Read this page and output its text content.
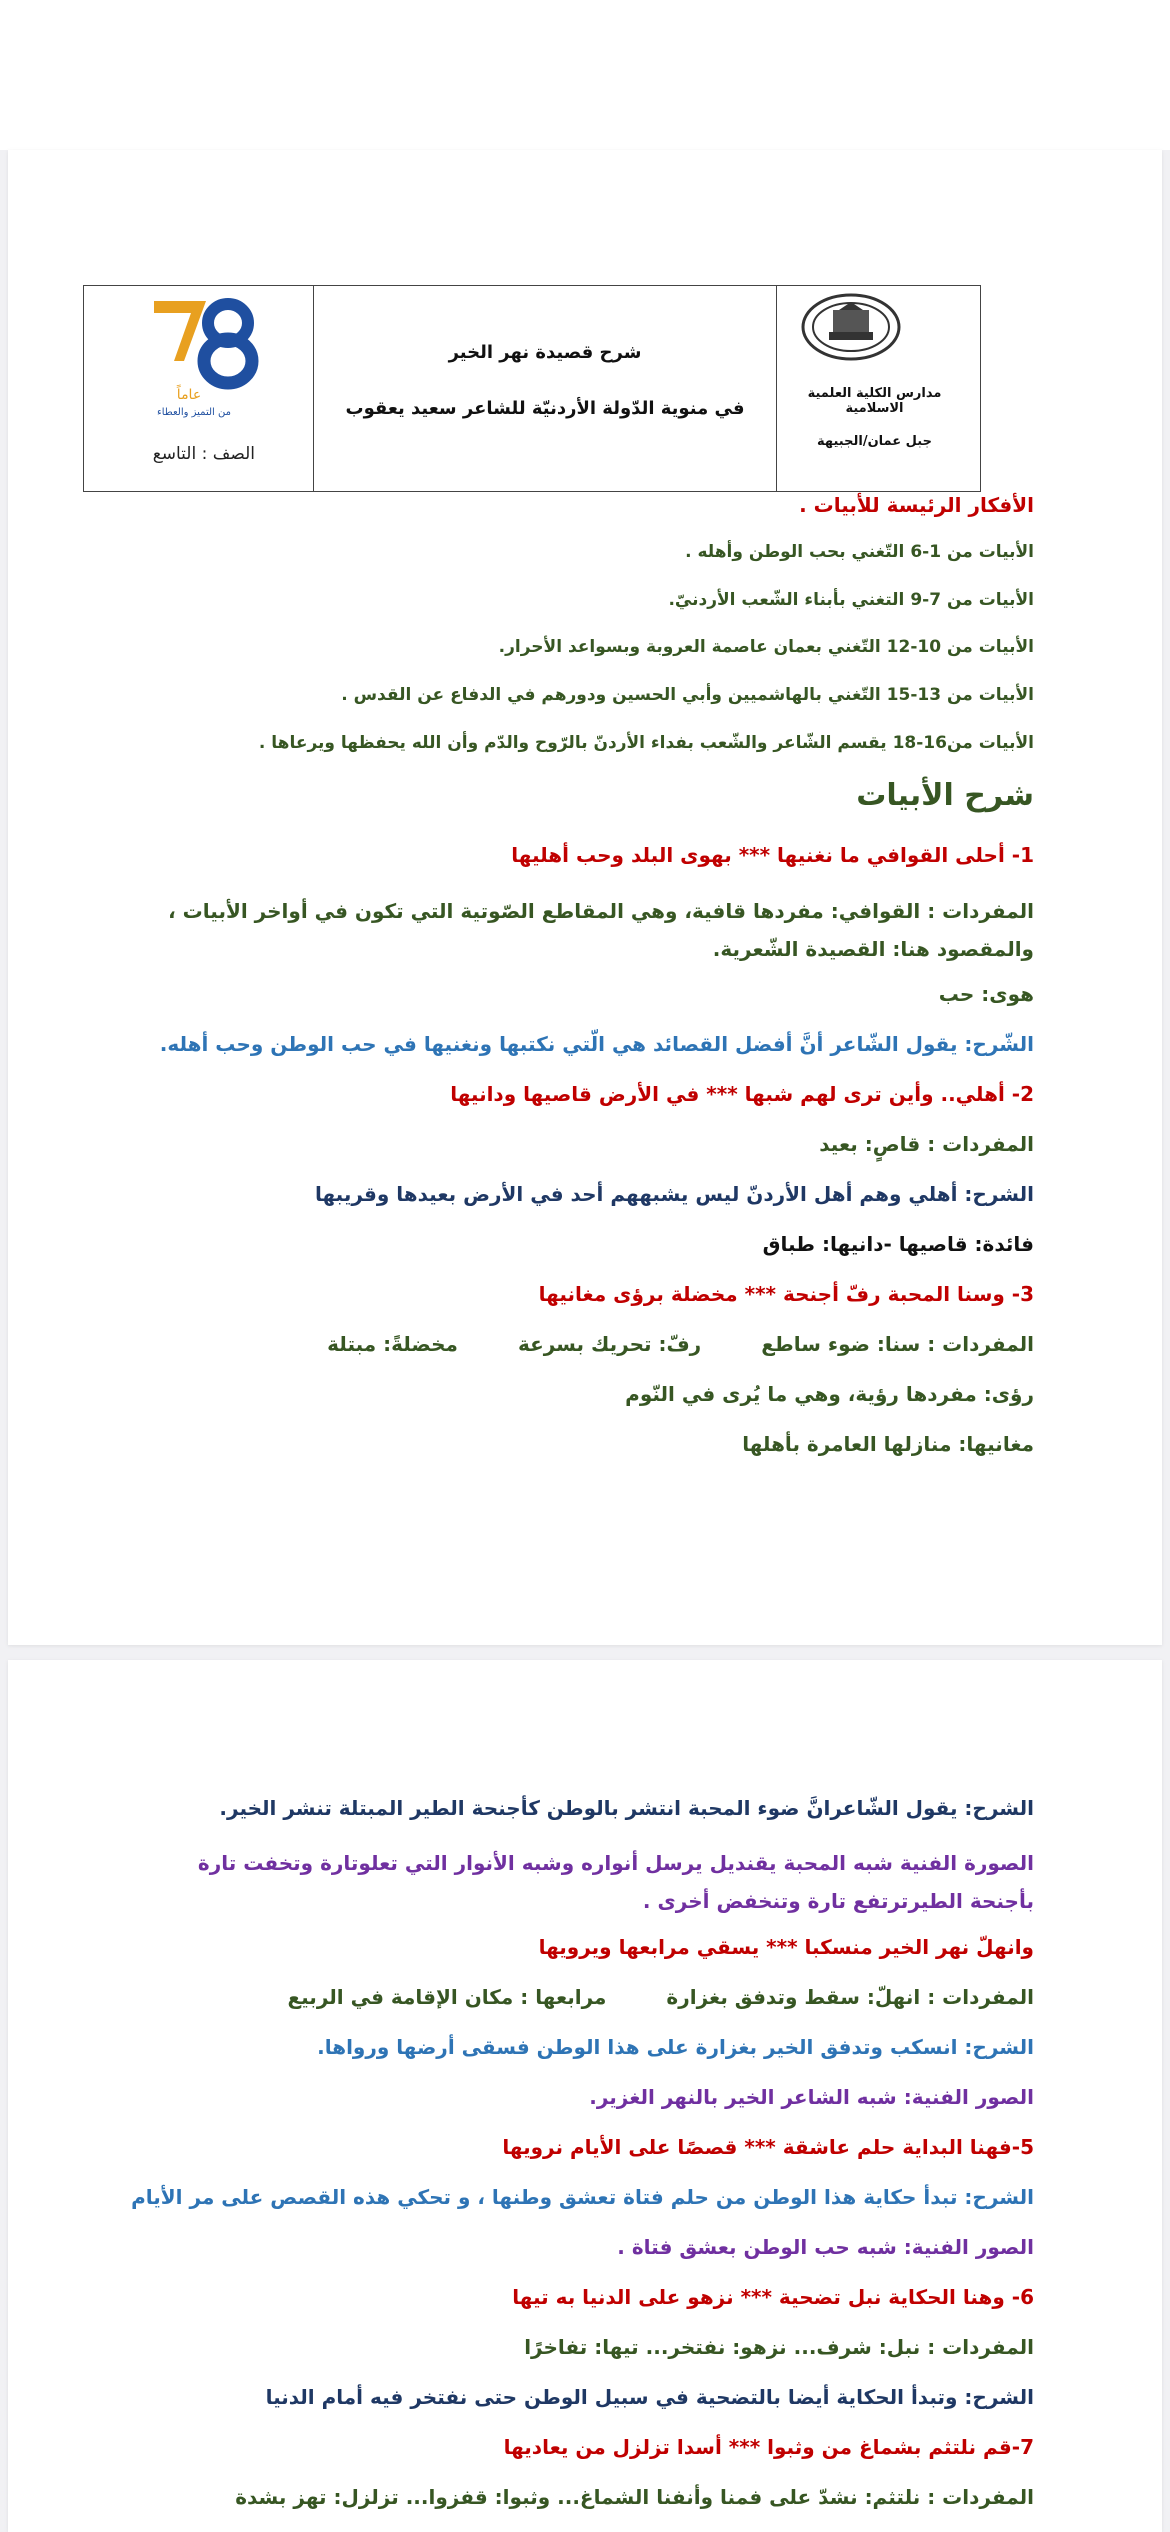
عاماً
من التميز والعطاء
الصف : التاسع
شرح قصيدة نهر الخير
في منوية الدّولة الأردنيّة للشاعر سعيد يعقوب
مدارس الكلية العلمية الاسلامية
جبل عمان/الجبيهة
الأفكار الرئيسة للأبيات .
الأبيات من 1-6 التّغني بحب الوطن وأهله .
الأبيات من 7-9 التغني بأبناء الشّعب الأردنيّ.
الأبيات من 10-12 التّغني بعمان عاصمة العروبة وبسواعد الأحرار.
الأبيات من 13-15 التّغني بالهاشميين وأبي الحسين ودورهم في الدفاع عن القدس .
الأبيات من16-18 يقسم الشّاعر والشّعب بفداء الأردنّ بالرّوح والدّم وأن الله يحفظها ويرعاها .
شرح الأبيات
1- أحلى القوافي ما نغنيها *** بهوى البلد وحب أهليها
المفردات : القوافي: مفردها قافية، وهي المقاطع الصّوتية التي تكون في أواخر الأبيات ، والمقصود هنا: القصيدة الشّعرية.
هوى: حب
الشّرح: يقول الشّاعر أنَّ أفضل القصائد هي الّتي نكتبها ونغنيها في حب الوطن وحب أهله.
2- أهلي.. وأين ترى لهم شبها *** في الأرض قاصيها ودانيها
المفردات : قاصٍ: بعيد
الشرح: أهلي وهم أهل الأردنّ ليس يشبههم أحد في الأرض بعيدها وقريبها
فائدة: قاصيها -دانيها: طباق
3- وسنا المحبة رفّ أجنحة *** مخضلة برؤى مغانيها
المفردات : سنا: ضوء ساطعرفّ: تحريك بسرعةمخضلةً: مبتلة
رؤى: مفردها رؤية، وهي ما يُرى في النّوم
مغانيها: منازلها العامرة بأهلها
الشرح: يقول الشّاعرانَّ ضوء المحبة انتشر بالوطن كأجنحة الطير المبتلة تنشر الخير.
الصورة الفنية شبه المحبة يقنديل يرسل أنواره وشبه الأنوار التي تعلوتارة وتخفت تارة بأجنحة الطيرترتفع تارة وتنخفض أخرى .
وانهلّ نهر الخير منسكبا *** يسقي مرابعها ويرويها
المفردات : انهلّ: سقط وتدفق بغزارةمرابعها : مكان الإقامة في الربيع
الشرح: انسكب وتدفق الخير بغزارة على هذا الوطن فسقى أرضها ورواها.
الصور الفنية: شبه الشاعر الخير بالنهر الغزير.
5-فهنا البداية حلم عاشقة *** قصصًا على الأيام نرويها
الشرح: تبدأ حكاية هذا الوطن من حلم فتاة تعشق وطنها ، و تحكي هذه القصص على مر الأيام
الصور الفنية: شبه حب الوطن بعشق فتاة .
6- وهنا الحكاية نبل تضحية *** نزهو على الدنيا به تيها
المفردات : نبل: شرف... نزهو: نفتخر... تيها: تفاخرًا
الشرح: وتبدأ الحكاية أيضا بالتضحية في سبيل الوطن حتى نفتخر فيه أمام الدنيا
7-قم نلتثم بشماغ من وثبوا *** أسدا تزلزل من يعاديها
المفردات : نلتثم: نشدّ على فمنا وأنفنا الشماغ... وثبوا: قفزوا... تزلزل: تهز بشدة
